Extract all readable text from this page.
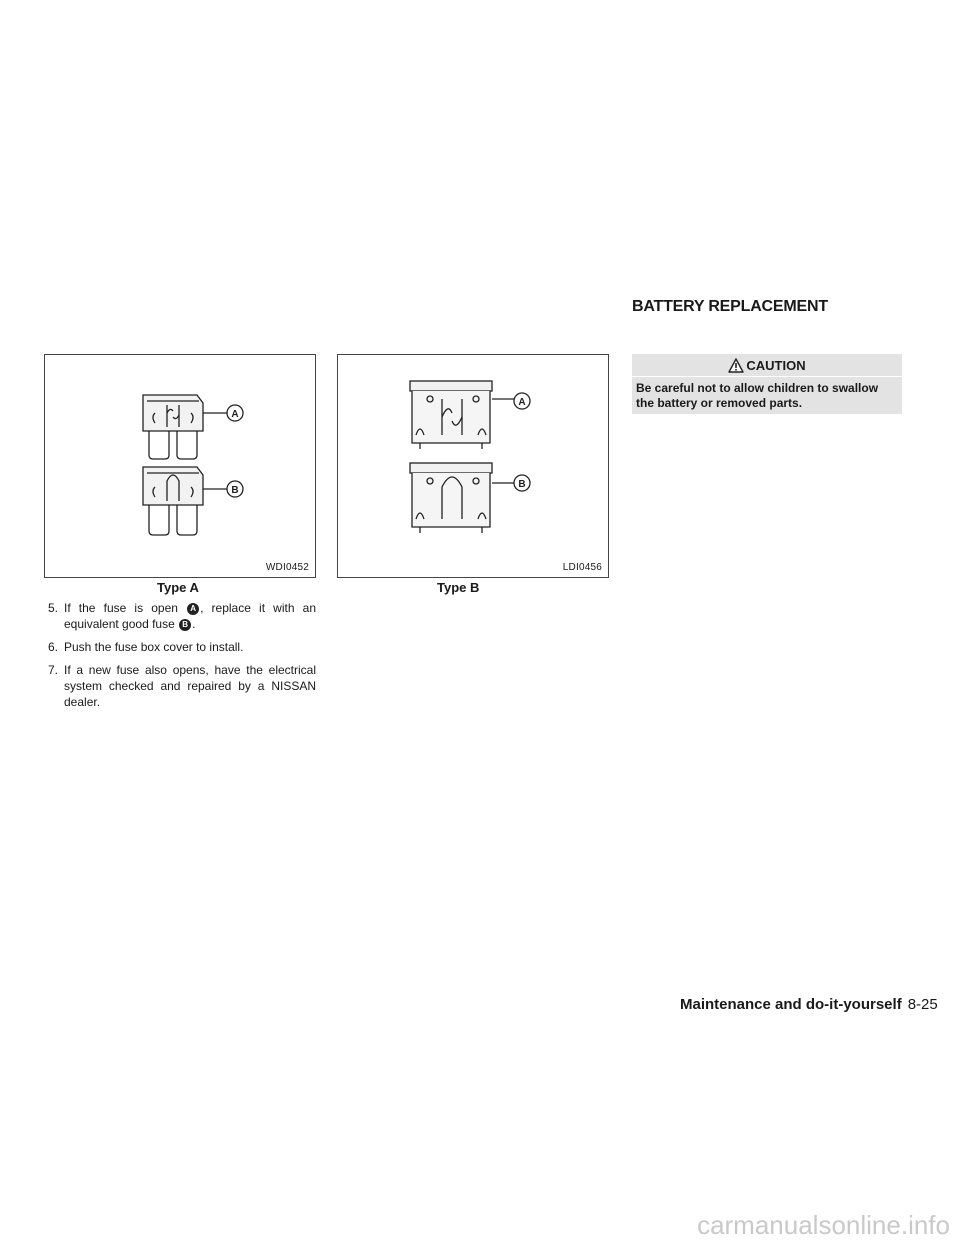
BATTERY REPLACEMENT
A
B
WDI0452
Type A
A
B
LDI0456
Type B
5. If the fuse is open A , replace it with an equivalent good fuse B .
6. Push the fuse box cover to install.
7. If a new fuse also opens, have the electrical system checked and repaired by a NISSAN dealer.
CAUTION
Be careful not to allow children to swallow the battery or removed parts.
Maintenance and do-it-yourself 8-25
carmanualsonline.info
